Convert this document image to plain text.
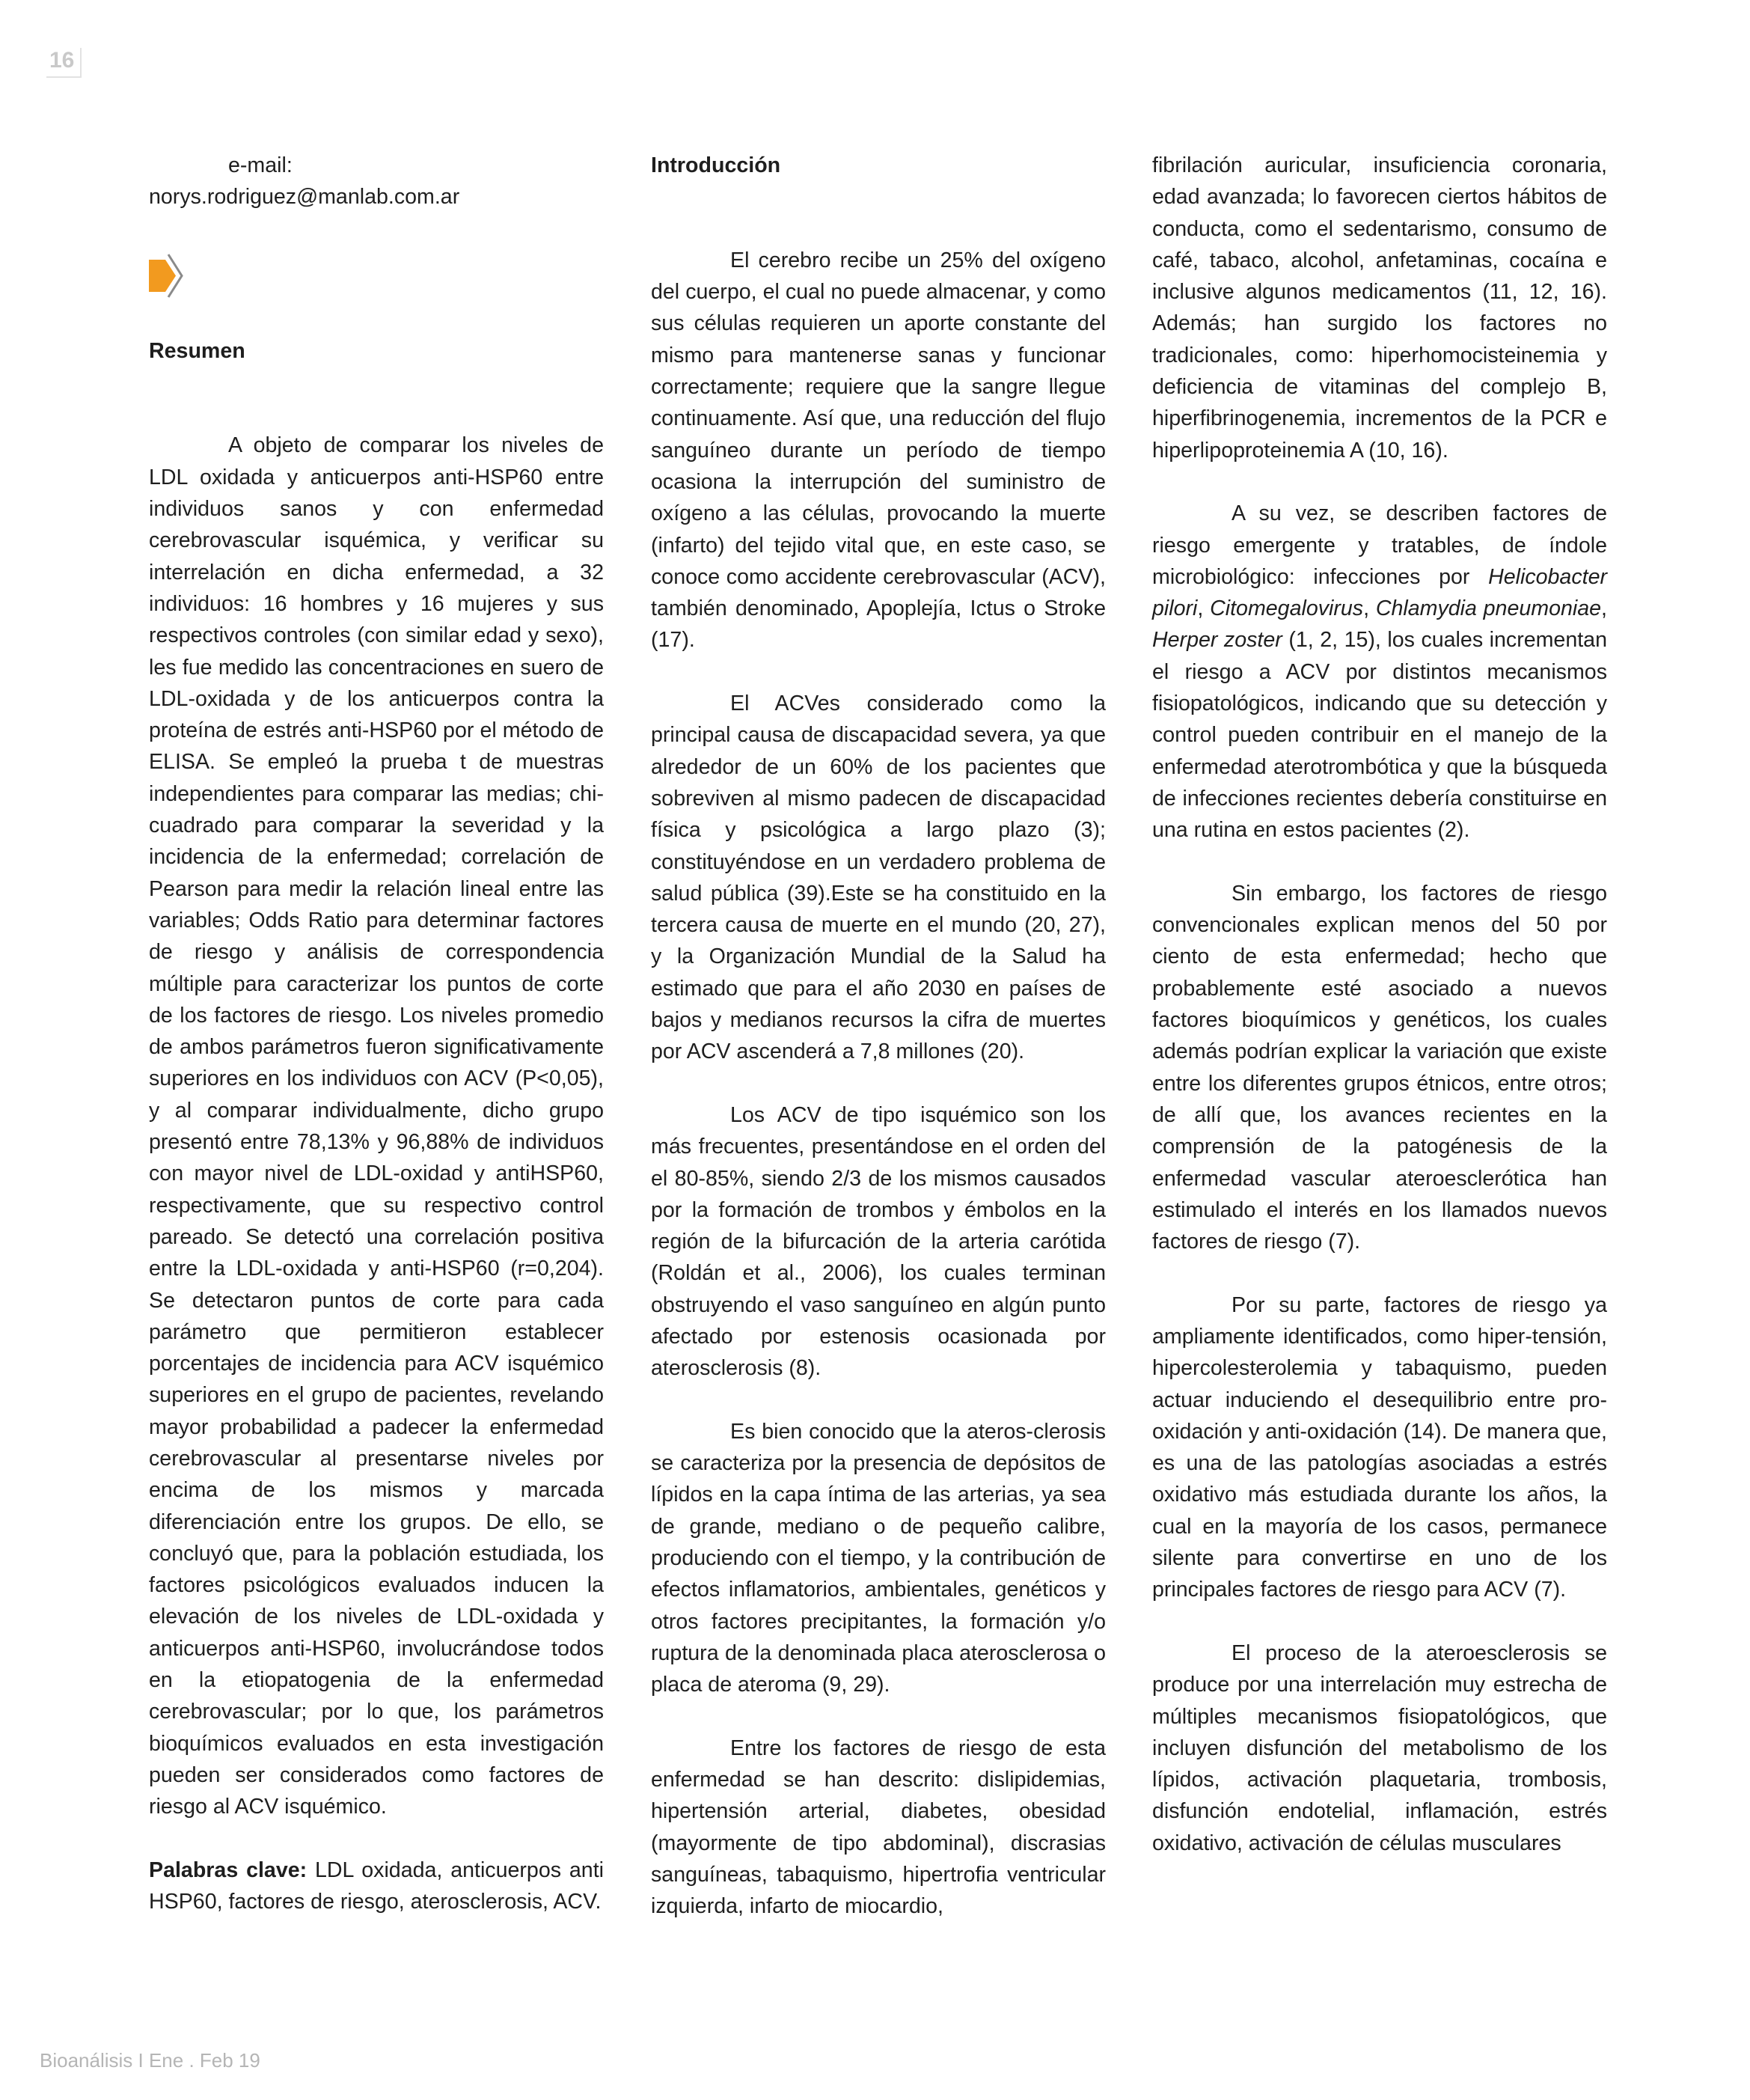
16

e-mail: norys.rodriguez@manlab.com.ar

Resumen

A objeto de comparar los niveles de LDL oxidada y anticuerpos anti-HSP60 entre individuos sanos y con enfermedad cerebrovascular isquémica, y verificar su interrelación en dicha enfermedad, a 32 individuos: 16 hombres y 16 mujeres y sus respectivos controles (con similar edad y sexo), les fue medido las concentraciones en suero de LDL-oxidada y de los anticuerpos contra la proteína de estrés anti-HSP60 por el método de ELISA. Se empleó la prueba t de muestras independientes para comparar las medias; chi-cuadrado para comparar la severidad y la incidencia de la enfermedad; correlación de Pearson para medir la relación lineal entre las variables; Odds Ratio para determinar factores de riesgo y análisis de correspondencia múltiple para caracterizar los puntos de corte de los factores de riesgo. Los niveles promedio de ambos parámetros fueron significativamente superiores en los individuos con ACV (P<0,05), y al comparar individualmente, dicho grupo presentó entre 78,13% y 96,88% de individuos con mayor nivel de LDL-oxidad y antiHSP60, respectivamente, que su respectivo control pareado. Se detectó una correlación positiva entre la LDL-oxidada y anti-HSP60 (r=0,204). Se detectaron puntos de corte para cada parámetro que permitieron establecer porcentajes de incidencia para ACV isquémico superiores en el grupo de pacientes, revelando mayor probabilidad a padecer la enfermedad cerebrovascular al presentarse niveles por encima de los mismos y marcada diferenciación entre los grupos. De ello, se concluyó que, para la población estudiada, los factores psicológicos evaluados inducen la elevación de los niveles de LDL-oxidada y anticuerpos anti-HSP60, involucrándose todos en la etiopatogenia de la enfermedad cerebrovascular; por lo que, los parámetros bioquímicos evaluados en esta investigación pueden ser considerados como factores de riesgo al ACV isquémico.

Palabras clave: LDL oxidada, anticuerpos anti HSP60, factores de riesgo, aterosclerosis, ACV.

Introducción

El cerebro recibe un 25% del oxígeno del cuerpo, el cual no puede almacenar, y como sus células requieren un aporte constante del mismo para mantenerse sanas y funcionar correctamente; requiere que la sangre llegue continuamente. Así que, una reducción del flujo sanguíneo durante un período de tiempo ocasiona la interrupción del suministro de oxígeno a las células, provocando la muerte (infarto) del tejido vital que, en este caso, se conoce como accidente cerebrovascular (ACV), también denominado, Apoplejía, Ictus o Stroke (17).

El ACVes considerado como la principal causa de discapacidad severa, ya que alrededor de un 60% de los pacientes que sobreviven al mismo padecen de discapacidad física y psicológica a largo plazo (3); constituyéndose en un verdadero problema de salud pública (39).Este se ha constituido en la tercera causa de muerte en el mundo (20, 27), y la Organización Mundial de la Salud ha estimado que para el año 2030 en países de bajos y medianos recursos la cifra de muertes por ACV ascenderá a 7,8 millones (20).

Los ACV de tipo isquémico son los más frecuentes, presentándose en el orden del el 80-85%, siendo 2/3 de los mismos causados por la formación de trombos y émbolos en la región de la bifurcación de la arteria carótida (Roldán et al., 2006), los cuales terminan obstruyendo el vaso sanguíneo en algún punto afectado por estenosis ocasionada por aterosclerosis (8).

Es bien conocido que la ateros-clerosis se caracteriza por la presencia de depósitos de lípidos en la capa íntima de las arterias, ya sea de grande, mediano o de pequeño calibre, produciendo con el tiempo, y la contribución de efectos inflamatorios, ambientales, genéticos y otros factores precipitantes, la formación y/o ruptura de la denominada placa aterosclerosa o placa de ateroma (9, 29).

Entre los factores de riesgo de esta enfermedad se han descrito: dislipidemias, hipertensión arterial, diabetes, obesidad (mayormente de tipo abdominal), discrasias sanguíneas, tabaquismo, hipertrofia ventricular izquierda, infarto de miocardio,

fibrilación auricular, insuficiencia coronaria, edad avanzada; lo favorecen ciertos hábitos de conducta, como el sedentarismo, consumo de café, tabaco, alcohol, anfetaminas, cocaína e inclusive algunos medicamentos (11, 12, 16). Además; han surgido los factores no tradicionales, como: hiperhomocisteinemia y deficiencia de vitaminas del complejo B, hiperfibrinogenemia, incrementos de la PCR e hiperlipoproteinemia A (10, 16).

A su vez, se describen factores de riesgo emergente y tratables, de índole microbiológico: infecciones por Helicobacter pilori, Citomegalovirus, Chlamydia pneumoniae, Herper zoster (1, 2, 15), los cuales incrementan el riesgo a ACV por distintos mecanismos fisiopatológicos, indicando que su detección y control pueden contribuir en el manejo de la enfermedad aterotrombótica y que la búsqueda de infecciones recientes debería constituirse en una rutina en estos pacientes (2).

Sin embargo, los factores de riesgo convencionales explican menos del 50 por ciento de esta enfermedad; hecho que probablemente esté asociado a nuevos factores bioquímicos y genéticos, los cuales además podrían explicar la variación que existe entre los diferentes grupos étnicos, entre otros; de allí que, los avances recientes en la comprensión de la patogénesis de la enfermedad vascular ateroesclerótica han estimulado el interés en los llamados nuevos factores de riesgo (7).

Por su parte, factores de riesgo ya ampliamente identificados, como hiper-tensión, hipercolesterolemia y tabaquismo, pueden actuar induciendo el desequilibrio entre pro-oxidación y anti-oxidación (14). De manera que, es una de las patologías asociadas a estrés oxidativo más estudiada durante los años, la cual en la mayoría de los casos, permanece silente para convertirse en uno de los principales factores de riesgo para ACV (7).

El proceso de la ateroesclerosis se produce por una interrelación muy estrecha de múltiples mecanismos fisiopatológicos, que incluyen disfunción del metabolismo de los lípidos, activación plaquetaria, trombosis, disfunción endotelial, inflamación, estrés oxidativo, activación de células musculares

Bioanálisis I Ene . Feb 19
